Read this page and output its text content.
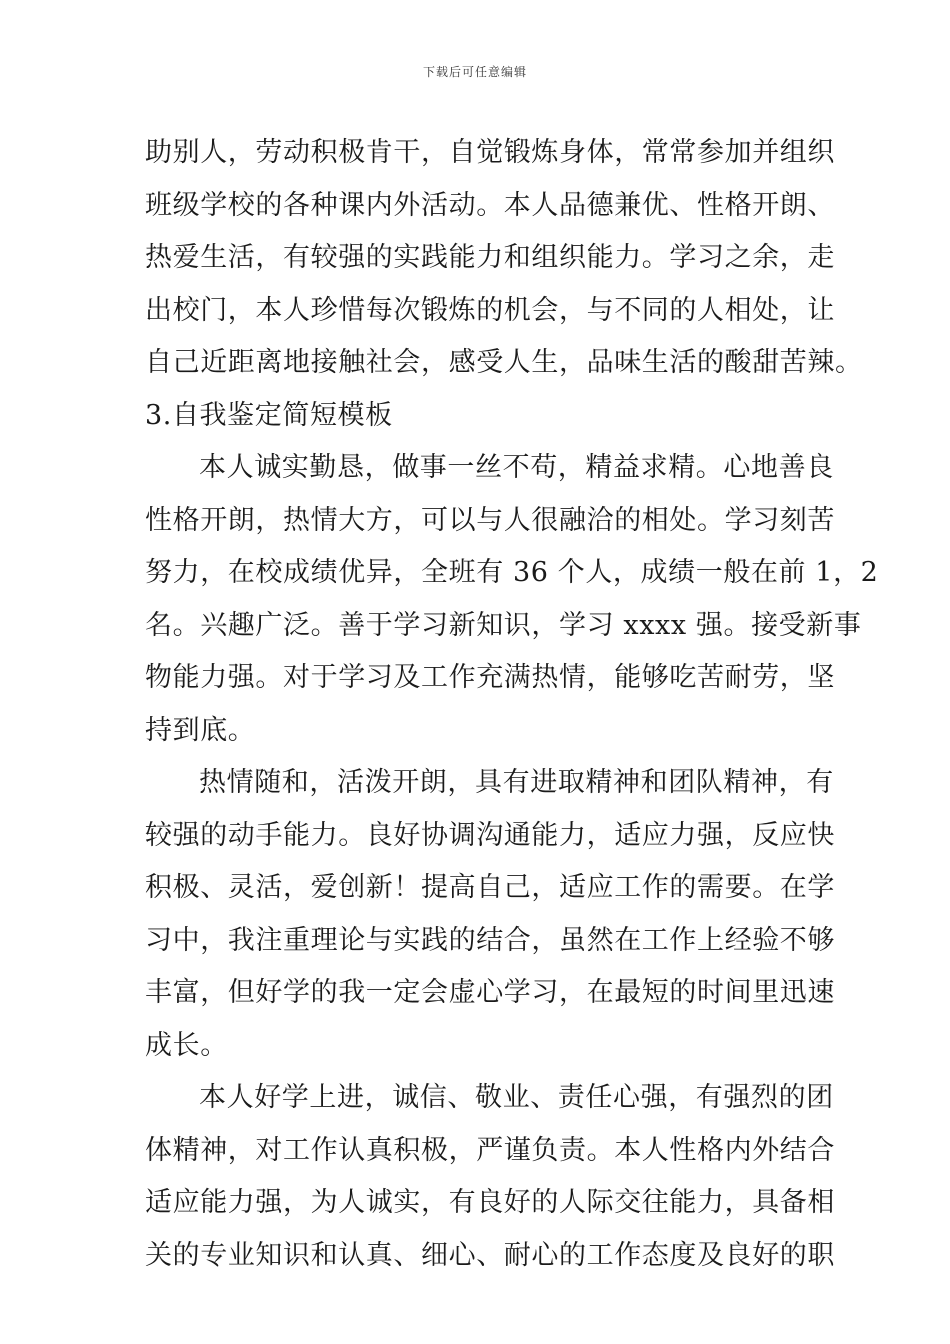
下载后可任意编辑
助别人，劳动积极肯干，自觉锻炼身体，常常参加并组织
班级学校的各种课内外活动。本人品德兼优、性格开朗、
热爱生活，有较强的实践能力和组织能力。学习之余，走
出校门，本人珍惜每次锻炼的机会，与不同的人相处，让
自己近距离地接触社会，感受人生，品味生活的酸甜苦辣。
3.自我鉴定简短模板
本人诚实勤恳，做事一丝不苟，精益求精。心地善良
性格开朗，热情大方，可以与人很融洽的相处。学习刻苦
努力，在校成绩优异，全班有 36 个人，成绩一般在前 1，2
名。兴趣广泛。善于学习新知识，学习 xxxx 强。接受新事
物能力强。对于学习及工作充满热情，能够吃苦耐劳，坚
持到底。
热情随和，活泼开朗，具有进取精神和团队精神，有
较强的动手能力。良好协调沟通能力，适应力强，反应快
积极、灵活，爱创新！提高自己，适应工作的需要。在学
习中，我注重理论与实践的结合，虽然在工作上经验不够
丰富，但好学的我一定会虚心学习，在最短的时间里迅速
成长。
本人好学上进，诚信、敬业、责任心强，有强烈的团
体精神，对工作认真积极，严谨负责。本人性格内外结合
适应能力强，为人诚实，有良好的人际交往能力，具备相
关的专业知识和认真、细心、耐心的工作态度及良好的职
